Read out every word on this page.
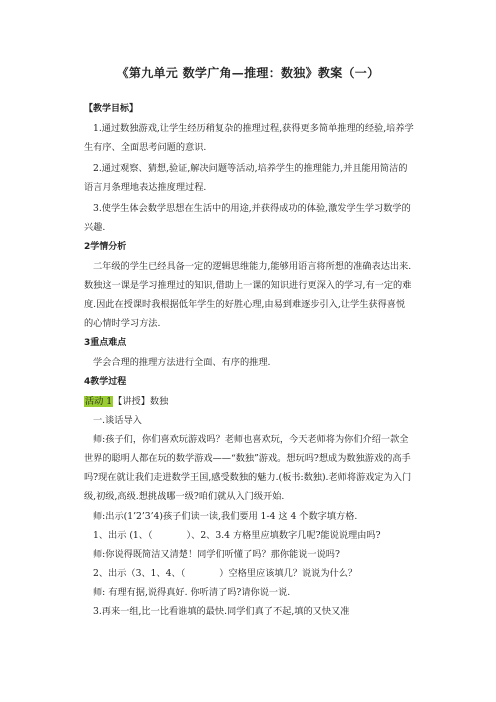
《第九单元 数学广角—推理：数独》教案（一）

【教学目标】

1.通过数独游戏,让学生经历稍复杂的推理过程,获得更多简单推理的经验,培养学生有序、全面思考问题的意识.

2.通过观察、猜想,验证,解决问题等活动,培养学生的推理能力,并且能用简洁的语言月条理地表达推度理过程.

3.使学生体会数学思想在生活中的用途,并获得成功的体验,激发学生学习数学的兴趣.

2学情分析

二年级的学生已经具备一定的逻辑思维能力,能够用语言将所想的准确表达出来.数独这一课是学习推理过的知识,借助上一课的知识进行更深入的学习,有一定的难度.因此在授课时我根据低年学生的好胜心理,由易到难逐步引入,让学生获得喜悦的心情时学习方法.

3重点难点

学会合理的推理方法进行全面、有序的推理.

4教学过程

活动 1【讲授】数独

一.谈话导入

师:孩子们，你们喜欢玩游戏吗？老师也喜欢玩，今天老师将为你们介绍一款全世界的聪明人都在玩的数学游戏——“数独”游戏。想玩吗?想成为数独游戏的高手吗?现在就让我们走进数学王国,感受数独的魅力.(板书:数独).老师将游戏定为入门级,初级,高级.想挑战哪一级?咱们就从入门级开始.

师:出示(1’2’3’4)孩子们读一读,我们要用 1-4 这 4 个数字填方格.

1、出示 (1、（	）、2、3.4 方格里应填数字几呢?能说说理由吗?

师:你说得既简洁又清楚！同学们听懂了吗？那你能说一说吗?

2、出示（3、1、4、（	）空格里应该填几？说说为什么？

师: 有理有据,说得真好. 你听清了吗?请你说一说.

3.再来一组,比一比看谁填的最快.同学们真了不起,填的又快又准
